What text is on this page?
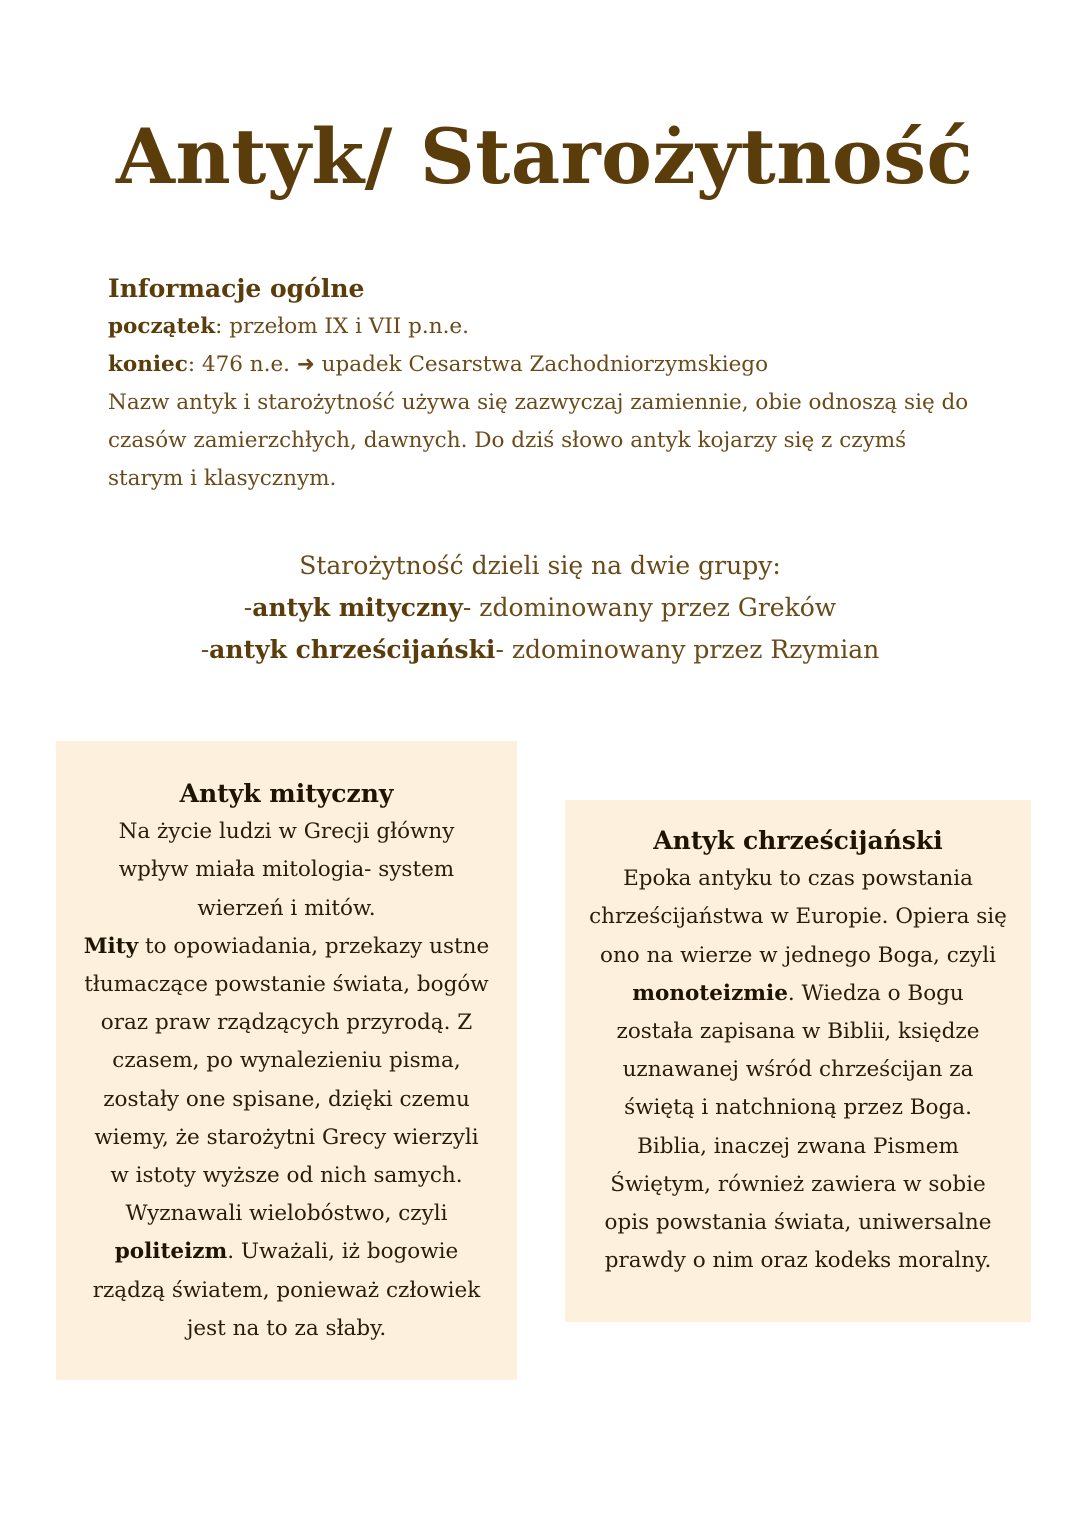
Antyk/ Starożytność
Informacje ogólne
początek: przełom IX i VII p.n.e.
koniec: 476 n.e. ➜ upadek Cesarstwa Zachodniorzymskiego
Nazw antyk i starożytność używa się zazwyczaj zamiennie, obie odnoszą się do
czasów zamierzchłych, dawnych. Do dziś słowo antyk kojarzy się z czymś
starym i klasycznym.
Starożytność dzieli się na dwie grupy:
-antyk mityczny- zdominowany przez Greków
-antyk chrześcijański- zdominowany przez Rzymian
Antyk mityczny
Na życie ludzi w Grecji główny
wpływ miała mitologia- system
wierzeń i mitów.
Mity to opowiadania, przekazy ustne
tłumaczące powstanie świata, bogów
oraz praw rządzących przyrodą. Z
czasem, po wynalezieniu pisma,
zostały one spisane, dzięki czemu
wiemy, że starożytni Grecy wierzyli
w istoty wyższe od nich samych.
Wyznawali wielobóstwo, czyli
politeizm. Uważali, iż bogowie
rządzą światem, ponieważ człowiek
jest na to za słaby.
Antyk chrześcijański
Epoka antyku to czas powstania
chrześcijaństwa w Europie. Opiera się
ono na wierze w jednego Boga, czyli
monoteizmie. Wiedza o Bogu
została zapisana w Biblii, księdze
uznawanej wśród chrześcijan za
świętą i natchnioną przez Boga.
Biblia, inaczej zwana Pismem
Świętym, również zawiera w sobie
opis powstania świata, uniwersalne
prawdy o nim oraz kodeks moralny.
